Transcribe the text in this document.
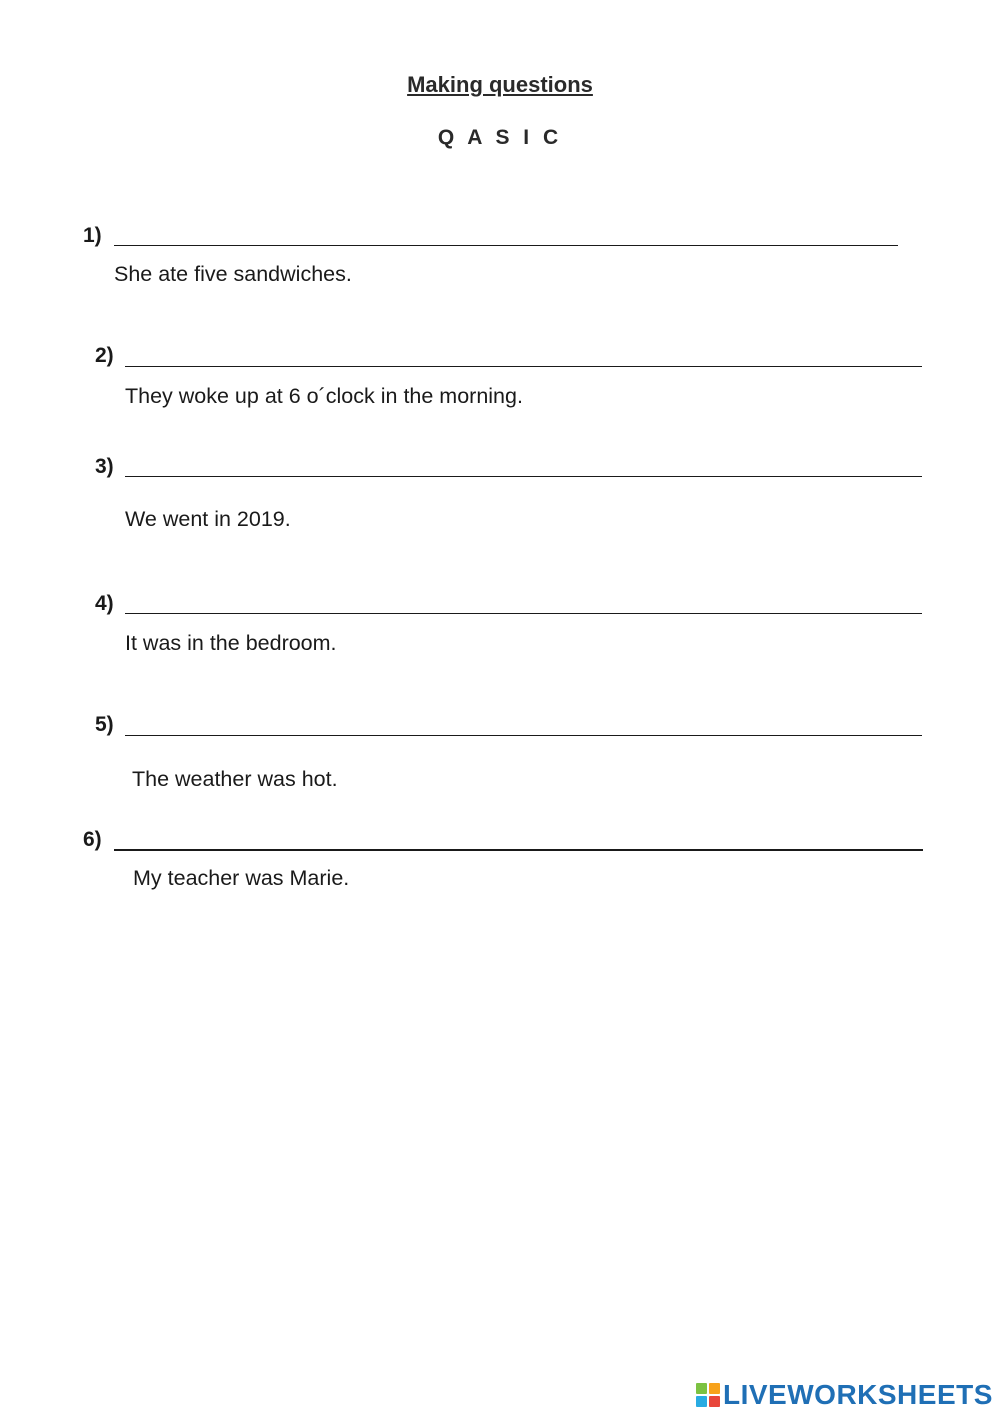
Making questions
Q A S I C
1)
She ate five sandwiches.
2)
They woke up at 6 o´clock in the morning.
3)
We went in 2019.
4)
It was in the bedroom.
5)
The weather was hot.
6)
My teacher was Marie.
LIVEWORKSHEETS
